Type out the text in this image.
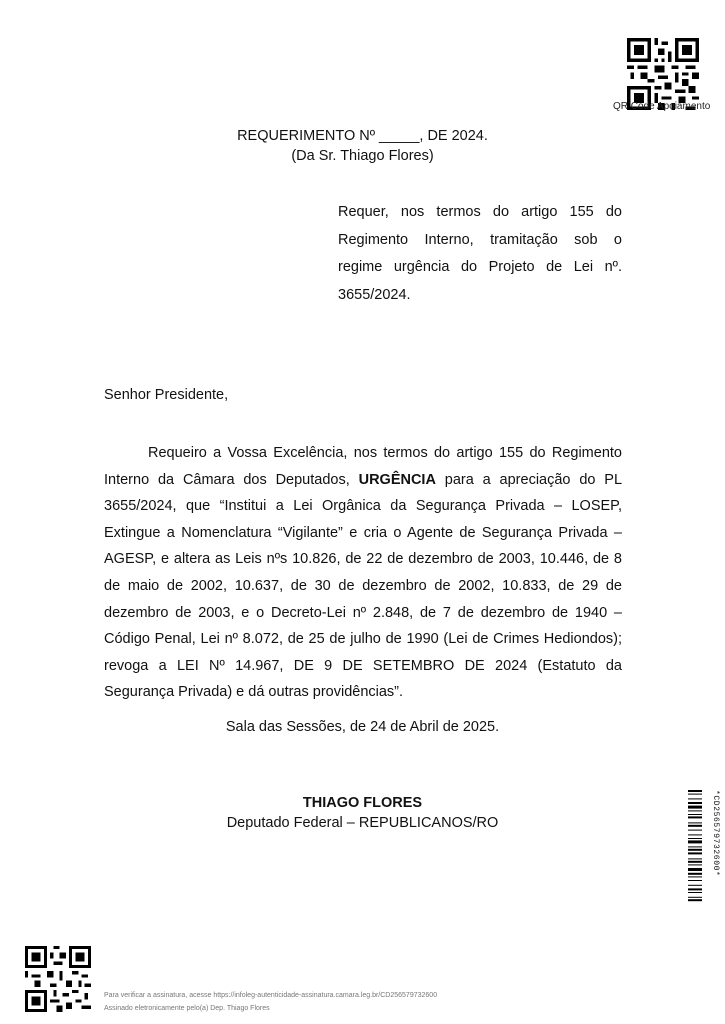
QR Code Apoiamento
REQUERIMENTO Nº _____, DE 2024.
(Da Sr. Thiago Flores)
Requer, nos termos do artigo 155 do
Regimento Interno, tramitação sob o
regime urgência do Projeto de Lei nº.
3655/2024.
Senhor Presidente,
Requeiro a Vossa Excelência, nos termos do artigo 155 do Regimento
Interno da Câmara dos Deputados, URGÊNCIA para a apreciação do PL
3655/2024, que “Institui a Lei Orgânica da Segurança Privada – LOSEP,
Extingue a Nomenclatura “Vigilante” e cria o Agente de Segurança Privada –
AGESP, e altera as Leis nºs 10.826, de 22 de dezembro de 2003, 10.446, de 8
de maio de 2002, 10.637, de 30 de dezembro de 2002, 10.833, de 29 de
dezembro de 2003, e o Decreto-Lei nº 2.848, de 7 de dezembro de 1940 –
Código Penal, Lei nº 8.072, de 25 de julho de 1990 (Lei de Crimes Hediondos);
revoga a LEI Nº 14.967, DE 9 DE SETEMBRO DE 2024 (Estatuto da
Segurança Privada) e dá outras providências”.
Sala das Sessões, de 24 de Abril de 2025.
THIAGO FLORES
Deputado Federal – REPUBLICANOS/RO	*CD256579732600*
Para verificar a assinatura, acesse https://infoleg-autenticidade-assinatura.camara.leg.br/CD256579732600
Assinado eletronicamente pelo(a) Dep. Thiago Flores
